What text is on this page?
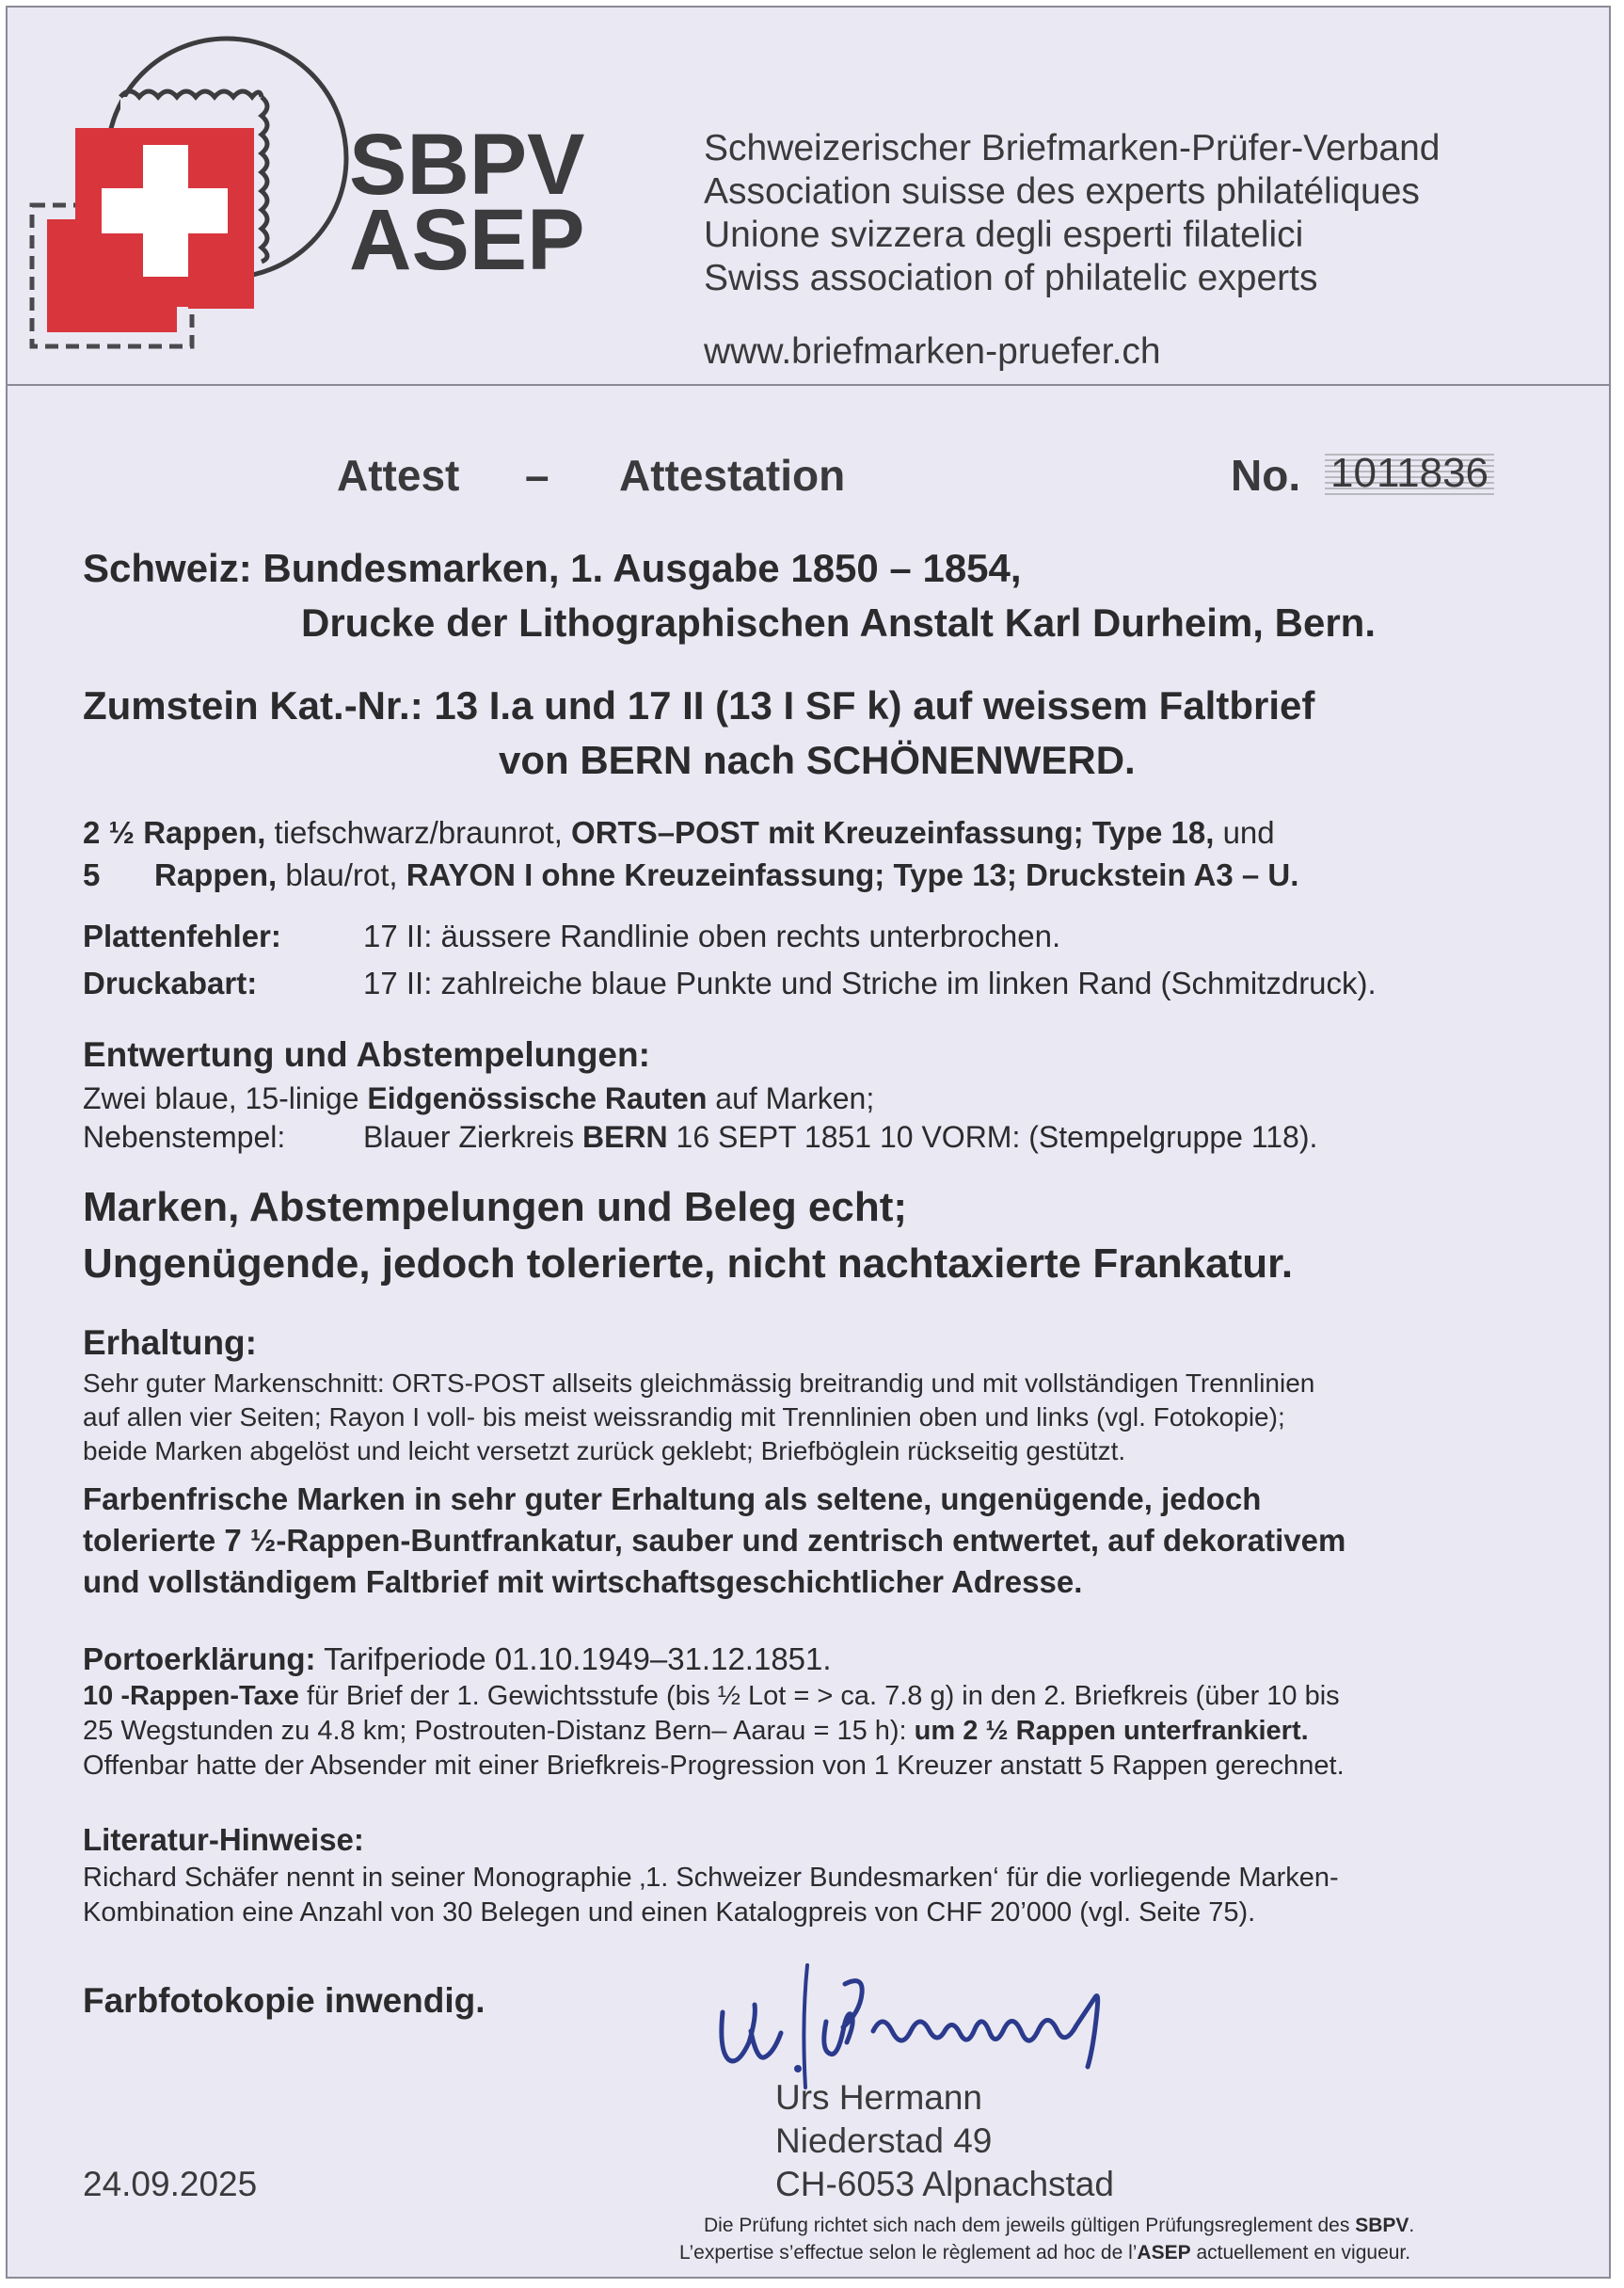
SBPV
ASEP
Schweizerischer Briefmarken-Prüfer-Verband
Association suisse des experts philatéliques
Unione svizzera degli esperti filatelici
Swiss association of philatelic experts
www.briefmarken-pruefer.ch
Attest – Attestation	No. 1011836
Schweiz: Bundesmarken, 1. Ausgabe 1850 – 1854,
Drucke der Lithographischen Anstalt Karl Durheim, Bern.
Zumstein Kat.-Nr.: 13 I.a und 17 II (13 I SF k) auf weissem Faltbrief
von BERN nach SCHÖNENWERD.
2 ½ Rappen, tiefschwarz/braunrot, ORTS–POST mit Kreuzeinfassung; Type 18, und
5 Rappen, blau/rot, RAYON I ohne Kreuzeinfassung; Type 13; Druckstein A3 – U.
Plattenfehler:	17 II: äussere Randlinie oben rechts unterbrochen.
Druckabart:	17 II: zahlreiche blaue Punkte und Striche im linken Rand (Schmitzdruck).
Entwertung und Abstempelungen:
Zwei blaue, 15-linige Eidgenössische Rauten auf Marken;
Nebenstempel:	Blauer Zierkreis BERN 16 SEPT 1851 10 VORM: (Stempelgruppe 118).
Marken, Abstempelungen und Beleg echt;
Ungenügende, jedoch tolerierte, nicht nachtaxierte Frankatur.
Erhaltung:
Sehr guter Markenschnitt: ORTS-POST allseits gleichmässig breitrandig und mit vollständigen Trennlinien
auf allen vier Seiten; Rayon I voll- bis meist weissrandig mit Trennlinien oben und links (vgl. Fotokopie);
beide Marken abgelöst und leicht versetzt zurück geklebt; Briefböglein rückseitig gestützt.
Farbenfrische Marken in sehr guter Erhaltung als seltene, ungenügende, jedoch
tolerierte 7 ½-Rappen-Buntfrankatur, sauber und zentrisch entwertet, auf dekorativem
und vollständigem Faltbrief mit wirtschaftsgeschichtlicher Adresse.
Portoerklärung: Tarifperiode 01.10.1949–31.12.1851.
10 -Rappen-Taxe für Brief der 1. Gewichtsstufe (bis ½ Lot = > ca. 7.8 g) in den 2. Briefkreis (über 10 bis
25 Wegstunden zu 4.8 km; Postrouten-Distanz Bern– Aarau = 15 h): um 2 ½ Rappen unterfrankiert.
Offenbar hatte der Absender mit einer Briefkreis-Progression von 1 Kreuzer anstatt 5 Rappen gerechnet.
Literatur-Hinweise:
Richard Schäfer nennt in seiner Monographie ‚1. Schweizer Bundesmarken‘ für die vorliegende Marken-
Kombination eine Anzahl von 30 Belegen und einen Katalogpreis von CHF 20’000 (vgl. Seite 75).
Farbfotokopie inwendig.
Urs Hermann
Niederstad 49
CH-6053 Alpnachstad
24.09.2025
Die Prüfung richtet sich nach dem jeweils gültigen Prüfungsreglement des SBPV.
L’expertise s’effectue selon le règlement ad hoc de l’ASEP actuellement en vigueur.
